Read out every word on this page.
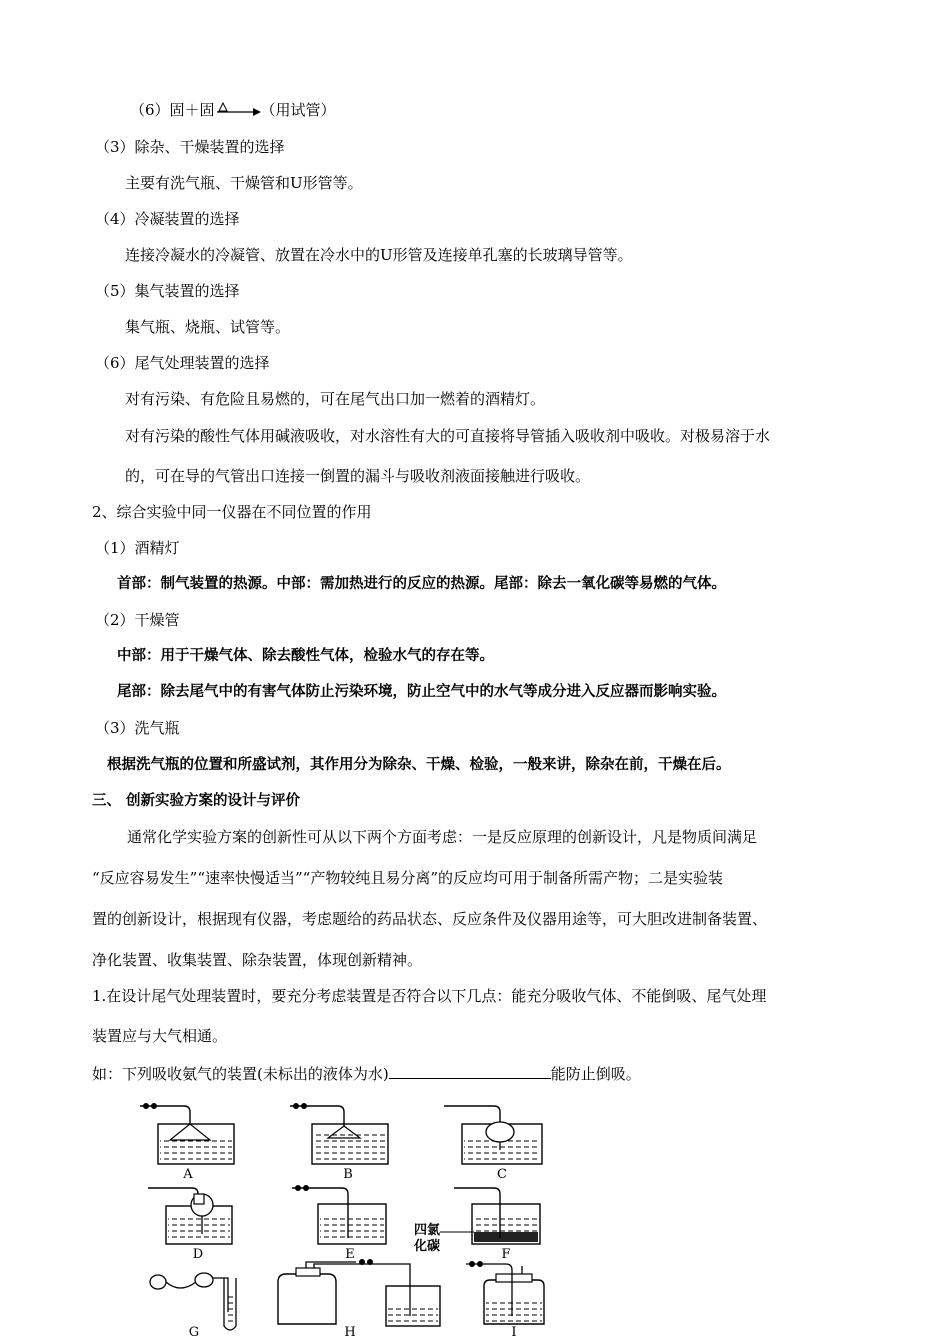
（6）固＋固	（用试管）
（3）除杂、干燥装置的选择
主要有洗气瓶、干燥管和U形管等。
（4）冷凝装置的选择
连接冷凝水的冷凝管、放置在冷水中的U形管及连接单孔塞的长玻璃导管等。
（5）集气装置的选择
集气瓶、烧瓶、试管等。
（6）尾气处理装置的选择
对有污染、有危险且易燃的，可在尾气出口加一燃着的酒精灯。
对有污染的酸性气体用碱液吸收，对水溶性有大的可直接将导管插入吸收剂中吸收。对极易溶于水
的，可在导的气管出口连接一倒置的漏斗与吸收剂液面接触进行吸收。
2、综合实验中同一仪器在不同位置的作用
（1）酒精灯
首部：制气装置的热源。中部：需加热进行的反应的热源。尾部：除去一氧化碳等易燃的气体。
（2）干燥管
中部：用于干燥气体、除去酸性气体，检验水气的存在等。
尾部：除去尾气中的有害气体防止污染环境，防止空气中的水气等成分进入反应器而影响实验。
（3）洗气瓶
根据洗气瓶的位置和所盛试剂，其作用分为除杂、干燥、检验，一般来讲，除杂在前，干燥在后。
三、 创新实验方案的设计与评价
通常化学实验方案的创新性可从以下两个方面考虑：一是反应原理的创新设计，凡是物质间满足
“反应容易发生”“速率快慢适当”“产物较纯且易分离”的反应均可用于制备所需产物；二是实验装
置的创新设计，根据现有仪器，考虑题给的药品状态、反应条件及仪器用途等，可大胆改进制备装置、
净化装置、收集装置、除杂装置，体现创新精神。
1.在设计尾气处理装置时，要充分考虑装置是否符合以下几点：能充分吸收气体、不能倒吸、尾气处理
装置应与大气相通。
如：下列吸收氨气的装置(未标出的液体为水)	能防止倒吸。
A	B	C
D	E
四氯
化碳
F
G	H	I
